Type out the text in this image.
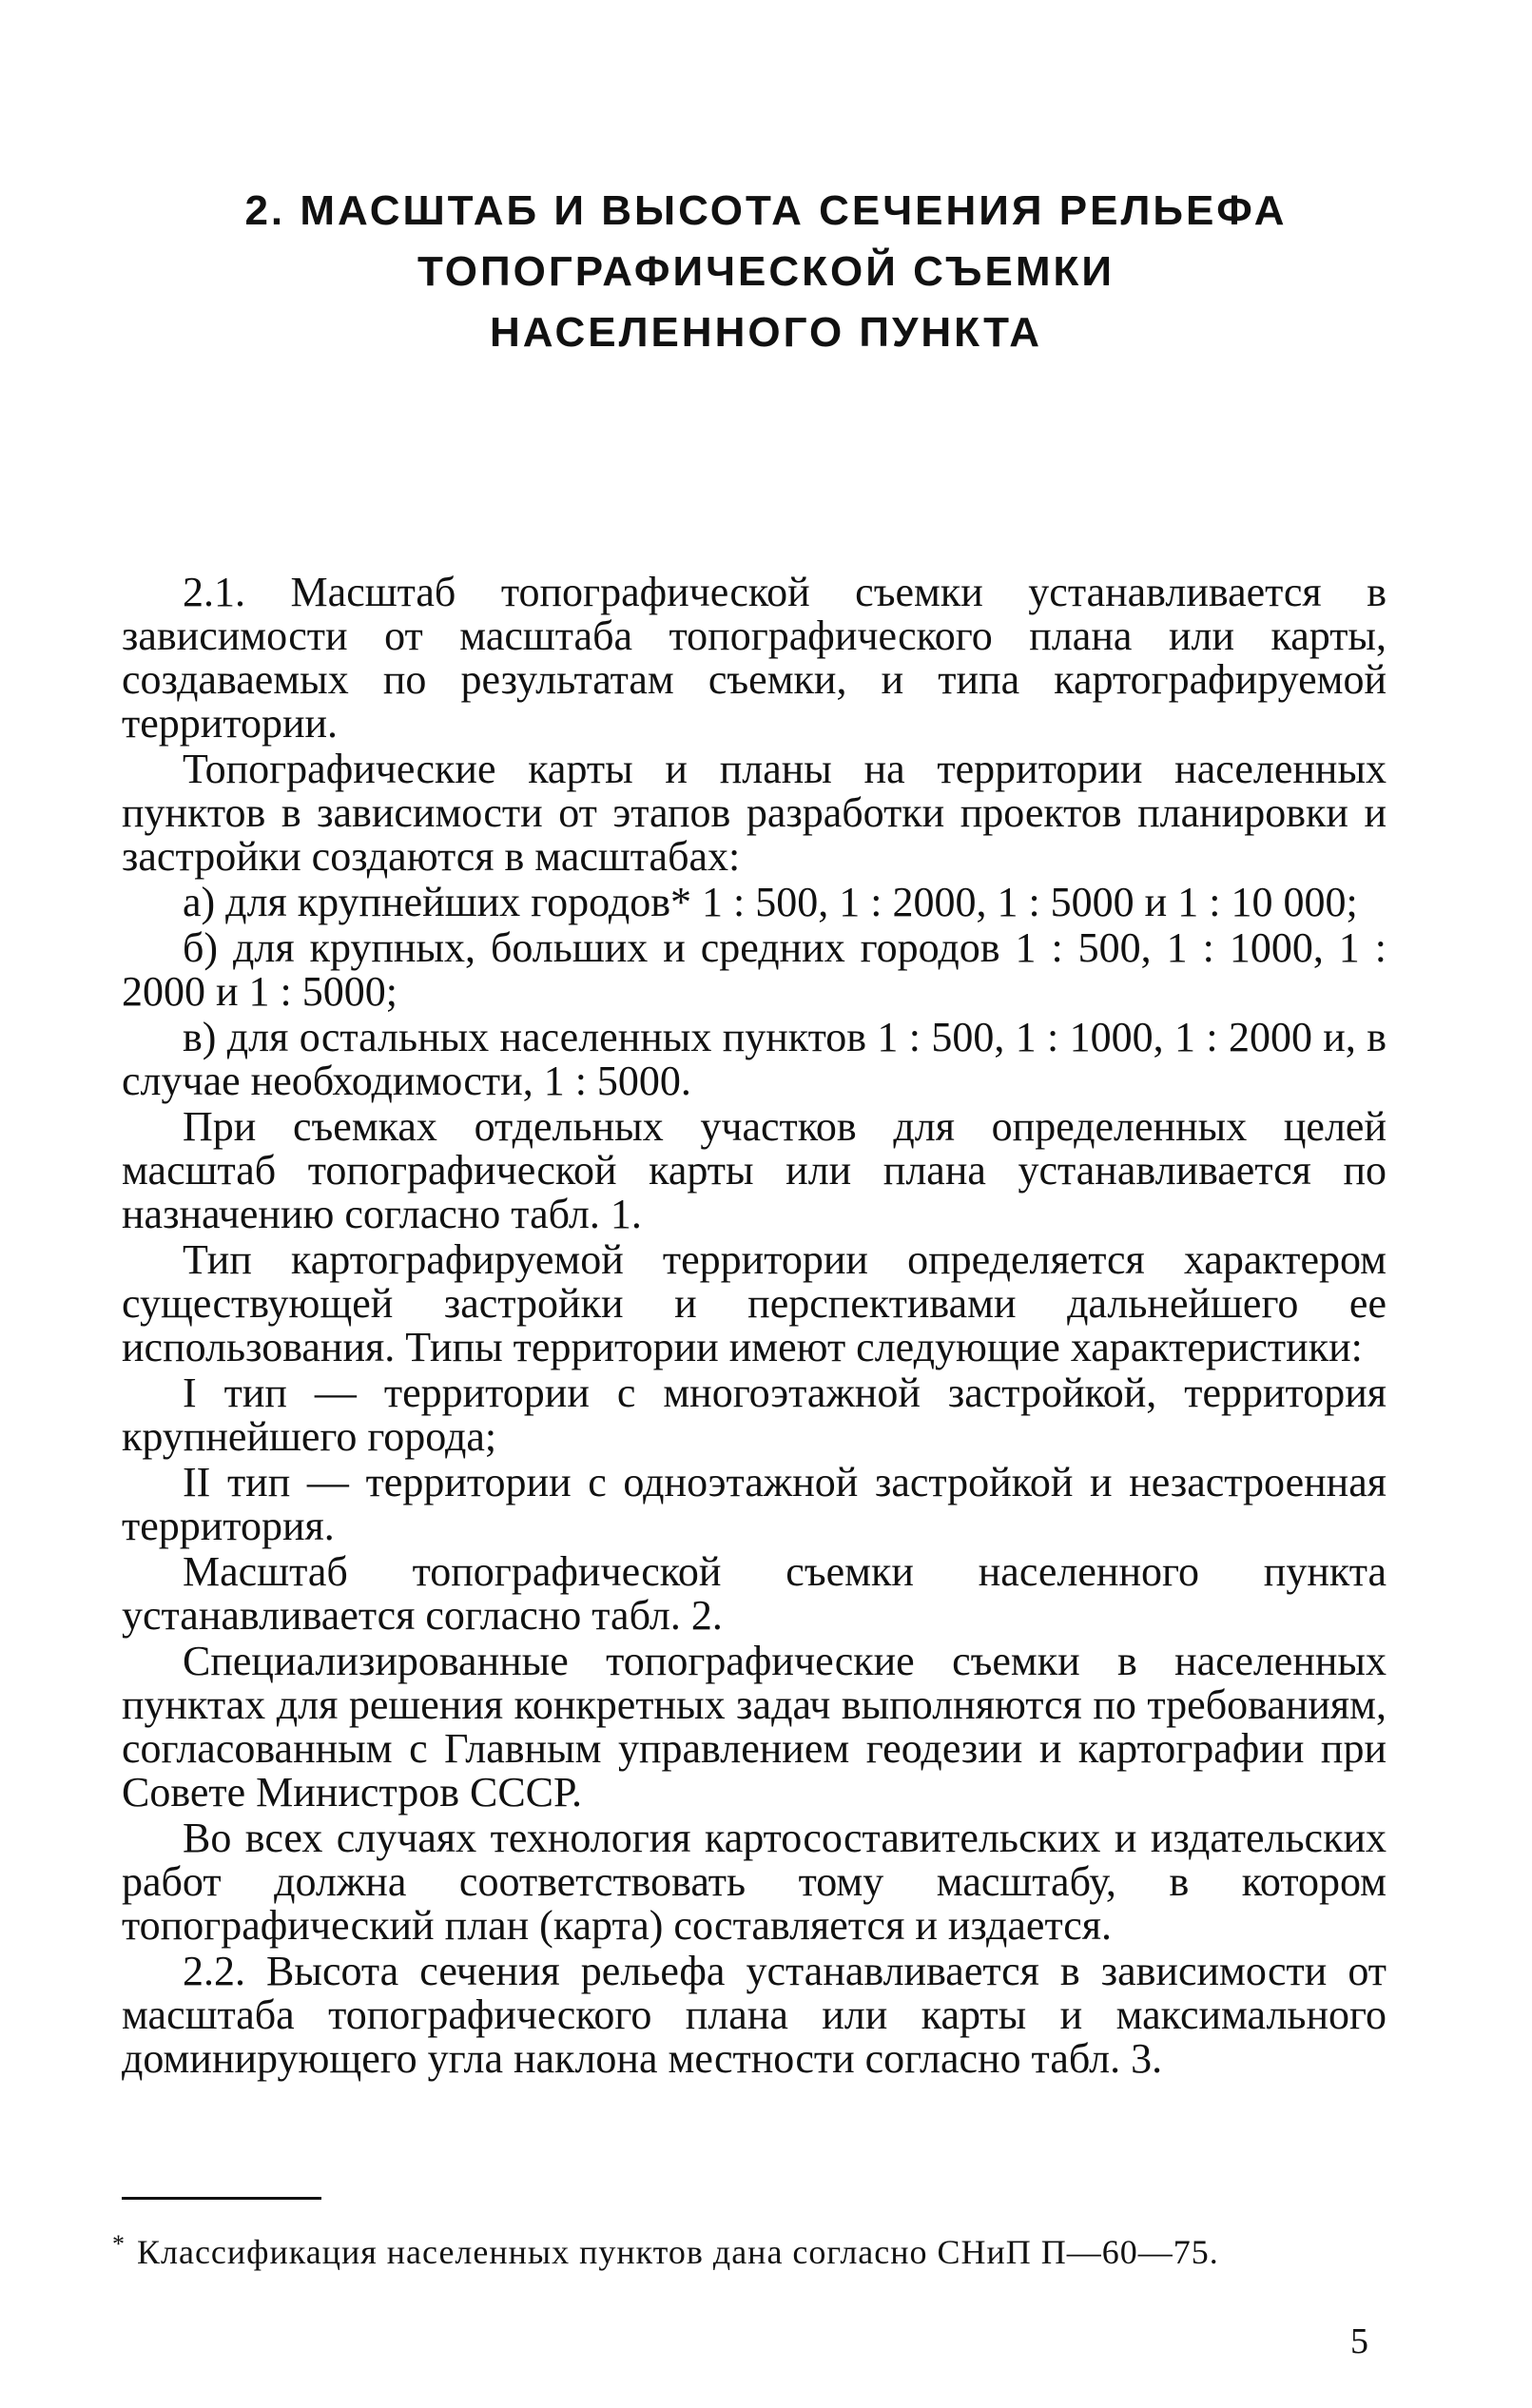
2. МАСШТАБ И ВЫСОТА СЕЧЕНИЯ РЕЛЬЕФА
ТОПОГРАФИЧЕСКОЙ СЪЕМКИ
НАСЕЛЕННОГО ПУНКТА

2.1. Масштаб топографической съемки устанавливается в зависимости от масштаба топографического плана или карты, создаваемых по результатам съемки, и типа картографируемой территории.

Топографические карты и планы на территории населенных пунктов в зависимости от этапов разработки проектов планировки и застройки создаются в масштабах:

а) для крупнейших городов* 1 : 500, 1 : 2000, 1 : 5000 и 1 : 10 000;

б) для крупных, больших и средних городов 1 : 500, 1 : 1000, 1 : 2000 и 1 : 5000;

в) для остальных населенных пунктов 1 : 500, 1 : 1000, 1 : 2000 и, в случае необходимости, 1 : 5000.

При съемках отдельных участков для определенных целей масштаб топографической карты или плана устанавливается по назначению согласно табл. 1.

Тип картографируемой территории определяется характером существующей застройки и перспективами дальнейшего ее использования. Типы территории имеют следующие характеристики:

I тип — территории с многоэтажной застройкой, территория крупнейшего города;

II тип — территории с одноэтажной застройкой и незастроенная территория.

Масштаб топографической съемки населенного пункта устанавливается согласно табл. 2.

Специализированные топографические съемки в населенных пунктах для решения конкретных задач выполняются по требованиям, согласованным с Главным управлением геодезии и картографии при Совете Министров СССР.

Во всех случаях технология картосоставительских и издательских работ должна соответствовать тому масштабу, в котором топографический план (карта) составляется и издается.

2.2. Высота сечения рельефа устанавливается в зависимости от масштаба топографического плана или карты и максимального доминирующего угла наклона местности согласно табл. 3.

* Классификация населенных пунктов дана согласно СНиП П—60—75.
5
